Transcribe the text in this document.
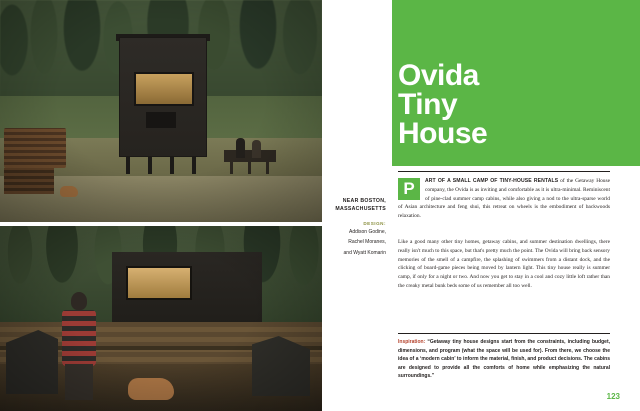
NEAR BOSTON,
MASSACHUSETTS
DESIGN:
Addison Godine,
Rachel Moranes,
and Wyatt Komarin
Ovida
Tiny
House
P	ART OF A SMALL CAMP OF TINY-HOUSE RENTALS of the Getaway House company, the Ovida is as inviting and comfortable as it is ultra-minimal. Reminiscent of pine-clad summer camp cabins, while also giving a nod to the ultra-sparse world of Asian architecture and feng shui, this retreat on wheels is the embodiment of backwoods relaxation.
Like a good many other tiny homes, getaway cabins, and summer destination dwellings, there really isn't much to this space, but that's pretty much the point. The Ovida will bring back sensory memories of the smell of a campfire, the splashing of swimmers from a distant dock, and the clicking of board-game pieces being moved by lantern light. This tiny house really is summer camp, if only for a night or two. And now you get to stay in a cool and cozy little loft rather than the creaky metal bunk beds some of us remember all too well.
Inspiration: “Getaway tiny house designs start from the constraints, including budget, dimensions, and program (what the space will be used for). From there, we choose the idea of a ‘modern cabin’ to inform the material, finish, and product decisions. The cabins are designed to provide all the comforts of home while emphasizing the natural surroundings.”
123
